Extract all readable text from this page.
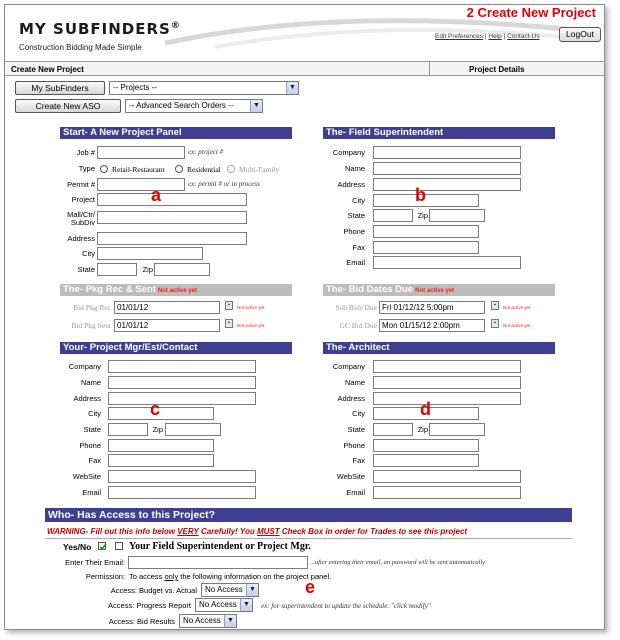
MY SUBFINDERS®
Construction Bidding Made Simple
2 Create New Project
Edit Preferences | Help | Contact-Us	LogOut
Create New Project	Project Details
My SubFinders	-- Projects --	▼
Create New ASO	-- Advanced Search Orders --	▼
Start- A New Project Panel
Job #	ex: project #
Type Retail-Restaurant	Residential Multi-Family
Permit #	ex: permit # or in process
Project	a
Mall/Ctr/
SubDiv
Address
City
State	Zip
The- Field Superintendent
Company
Name
Address
City	b
State	Zip
Phone
Fax
Email
The- Pkg Rec & Sent Not active yet
Bid Pkg Rec 01/01/12	▪	Not active yet
Bid Pkg Sent 01/01/12	▪	Not active yet
The- Bid Dates Due Not active yet
Sub Bids Due Fri 01/12/12 5:00pm	▪	Not active yet
GC Bid Due Mon 01/15/12 2:00pm	▪	Not active yet
Your- Project Mgr/Est/Contact
Company
Name
Address
City	c
State	Zip
Phone
Fax
WebSite
Email
The- Architect
Company
Name
Address
City	d
State	Zip
Phone
Fax
WebSite
Email
Who- Has Access to this Project?
WARNING- Fill out this info below VERY Carefully! You MUST Check Box in order for Trades to see this project
Yes/No	Your Field Superintendent or Project Mgr.
Enter Their Email:	...after entering their email, an password will be sent automatically.
Permission: To access only the following information on the project panel.
Access: Budget vs. Actual	No Access ▼
Access: Progress Report	No Access ▼ ex: for superintendent to update the schedule. "click modify"
e
Access: Bid Results	No Access ▼
